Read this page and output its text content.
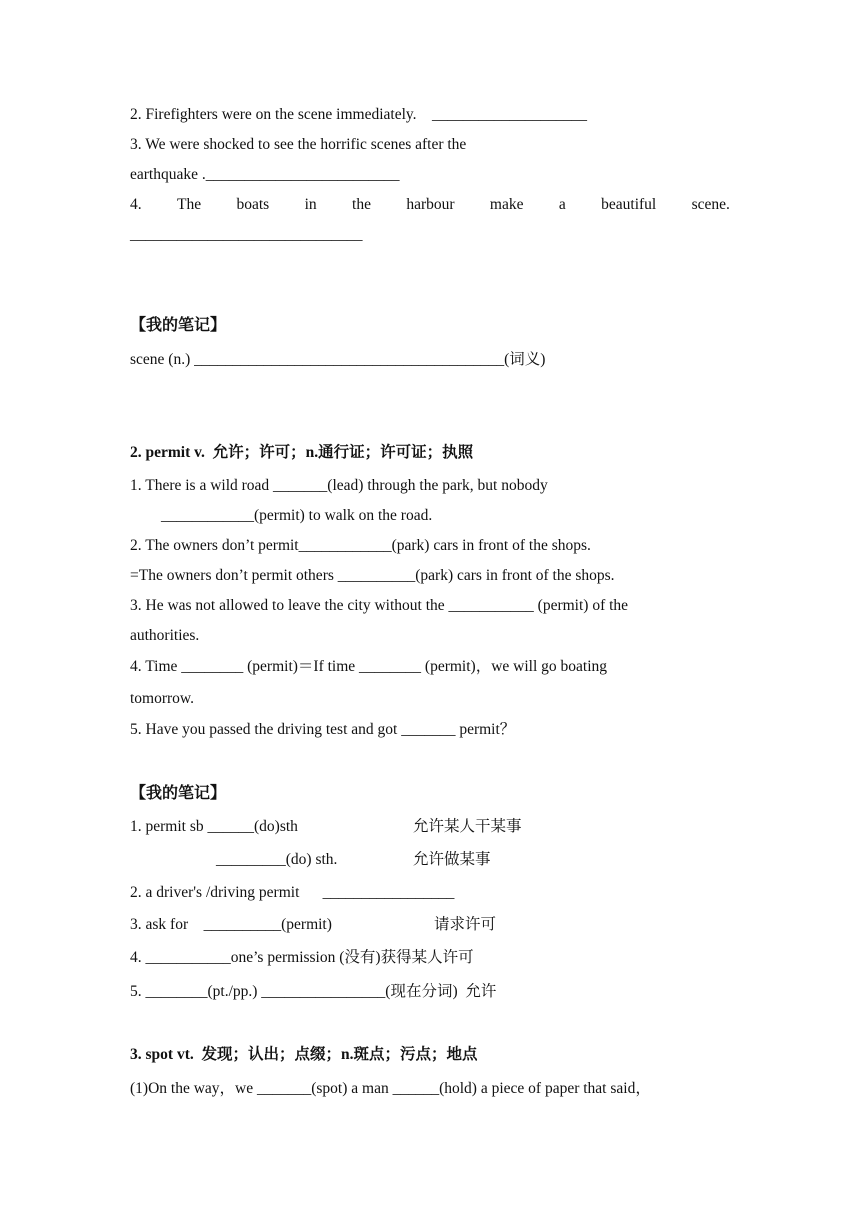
2. Firefighters were on the scene immediately.    ____________________
3. We were shocked to see the horrific scenes after the
earthquake ._________________________
4. The boats in the harbour make a beautiful scene.
______________________________
【我的笔记】
scene (n.) ________________________________________(词义)
2. permit v.  允许；许可；n.通行证；许可证；执照
1. There is a wild road _______(lead) through the park, but nobody
____________(permit) to walk on the road.
2. The owners don’t permit____________(park) cars in front of the shops.
=The owners don’t permit others __________(park) cars in front of the shops.
3. He was not allowed to leave the city without the ___________ (permit) of the
authorities.
4. Time ________ (permit)＝If time ________ (permit)，we will go boating
tomorrow.
5. Have you passed the driving test and got _______ permit？
【我的笔记】
1. permit sb ______(do)sth	允许某人干某事
_________(do) sth.	允许做某事
2. a driver's /driving permit      _________________
3. ask for    __________(permit)	请求许可
4. ___________one’s permission (没有)获得某人许可
5. ________(pt./pp.) ________________(现在分词)  允许
3. spot vt.  发现；认出；点缀；n.斑点；污点；地点
(1)On the way，we _______(spot) a man ______(hold) a piece of paper that said，
